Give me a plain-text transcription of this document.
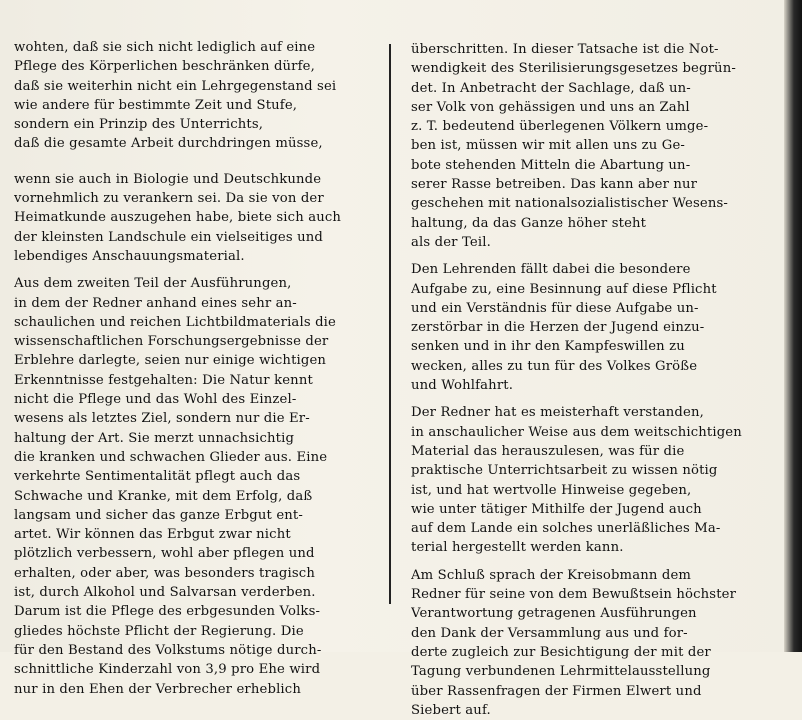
wohten, daß sie sich nicht lediglich auf eine
Pflege des Körperlichen beschränken dürfe,
daß sie weiterhin nicht ein Lehrgegenstand sei
wie andere für bestimmte Zeit und Stufe,
sondern ein Prinzip des Unterrichts,
daß die gesamte Arbeit durchdringen müsse,
wenn sie auch in Biologie und Deutschkunde
vornehmlich zu verankern sei. Da sie von der
Heimatkunde auszugehen habe, biete sich auch
der kleinsten Landschule ein vielseitiges und
lebendiges Anschauungsmaterial.
Aus dem zweiten Teil der Ausführungen,
in dem der Redner anhand eines sehr an-
schaulichen und reichen Lichtbildmaterials die
wissenschaftlichen Forschungsergebnisse der
Erblehre darlegte, seien nur einige wichtigen
Erkenntnisse festgehalten: Die Natur kennt
nicht die Pflege und das Wohl des Einzel-
wesens als letztes Ziel, sondern nur die Er-
haltung der Art. Sie merzt unnachsichtig
die kranken und schwachen Glieder aus. Eine
verkehrte Sentimentalität pflegt auch das
Schwache und Kranke, mit dem Erfolg, daß
langsam und sicher das ganze Erbgut ent-
artet. Wir können das Erbgut zwar nicht
plötzlich verbessern, wohl aber pflegen und
erhalten, oder aber, was besonders tragisch
ist, durch Alkohol und Salvarsan verderben.
Darum ist die Pflege des erbgesunden Volks-
gliedes höchste Pflicht der Regierung. Die
für den Bestand des Volkstums nötige durch-
schnittliche Kinderzahl von 3,9 pro Ehe wird
nur in den Ehen der Verbrecher erheblich
überschritten. In dieser Tatsache ist die Not-
wendigkeit des Sterilisierungsgesetzes begrün-
det. In Anbetracht der Sachlage, daß un-
ser Volk von gehässigen und uns an Zahl
z. T. bedeutend überlegenen Völkern umge-
ben ist, müssen wir mit allen uns zu Ge-
bote stehenden Mitteln die Abartung un-
serer Rasse betreiben. Das kann aber nur
geschehen mit nationalsozialistischer Wesens-
haltung, da das Ganze höher steht
als der Teil.
Den Lehrenden fällt dabei die besondere
Aufgabe zu, eine Besinnung auf diese Pflicht
und ein Verständnis für diese Aufgabe un-
zerstörbar in die Herzen der Jugend einzu-
senken und in ihr den Kampfeswillen zu
wecken, alles zu tun für des Volkes Größe
und Wohlfahrt.
Der Redner hat es meisterhaft verstanden,
in anschaulicher Weise aus dem weitschichtigen
Material das herauszulesen, was für die
praktische Unterrichtsarbeit zu wissen nötig
ist, und hat wertvolle Hinweise gegeben,
wie unter tätiger Mithilfe der Jugend auch
auf dem Lande ein solches unerläßliches Ma-
terial hergestellt werden kann.
Am Schluß sprach der Kreisobmann dem
Redner für seine von dem Bewußtsein höchster
Verantwortung getragenen Ausführungen
den Dank der Versammlung aus und for-
derte zugleich zur Besichtigung der mit der
Tagung verbundenen Lehrmittelausstellung
über Rassenfragen der Firmen Elwert und
Siebert auf.
